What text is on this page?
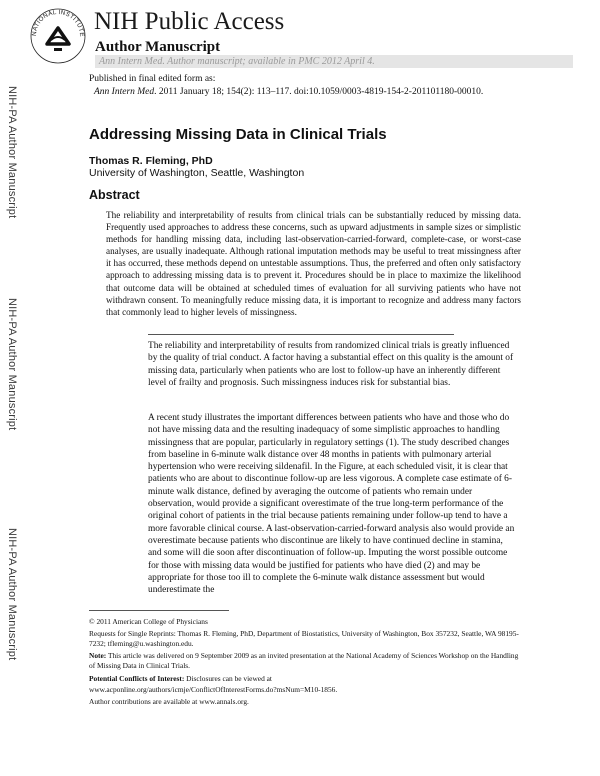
NATIONAL INSTITUTE NIH Public Access
Author Manuscript
Ann Intern Med. Author manuscript; available in PMC 2012 April 4.
Published in final edited form as:
Ann Intern Med. 2011 January 18; 154(2): 113–117. doi:10.1059/0003-4819-154-2-201101180-00010.
NIH-PA Author Manuscript
NIH-PA Author Manuscript
NIH-PA Author Manuscript
Addressing Missing Data in Clinical Trials
Thomas R. Fleming, PhD
University of Washington, Seattle, Washington
Abstract

The reliability and interpretability of results from clinical trials can be substantially reduced by missing data. Frequently used approaches to address these concerns, such as upward adjustments in sample sizes or simplistic methods for handling missing data, including last-observation-carried-forward, complete-case, or worst-case analyses, are usually inadequate. Although rational imputation methods may be useful to treat missingness after it has occurred, these methods depend on untestable assumptions. Thus, the preferred and often only satisfactory approach to addressing missing data is to prevent it. Procedures should be in place to maximize the likelihood that outcome data will be obtained at scheduled times of evaluation for all surviving patients who have not withdrawn consent. To meaningfully reduce missing data, it is important to recognize and address many factors that commonly lead to higher levels of missingness.

The reliability and interpretability of results from randomized clinical trials is greatly influenced by the quality of trial conduct. A factor having a substantial effect on this quality is the amount of missing data, particularly when patients who are lost to follow-up have an inherently different level of frailty and prognosis. Such missingness induces risk for substantial bias.

A recent study illustrates the important differences between patients who have and those who do not have missing data and the resulting inadequacy of some simplistic approaches to handling missingness that are popular, particularly in regulatory settings (1). The study described changes from baseline in 6-minute walk distance over 48 months in patients with pulmonary arterial hypertension who were receiving sildenafil. In the Figure, at each scheduled visit, it is clear that patients who are about to discontinue follow-up are less vigorous. A complete case estimate of 6-minute walk distance, defined by averaging the outcome of patients who remain under observation, would provide a significant overestimate of the true long-term performance of the original cohort of patients in the trial because patients remaining under follow-up tend to have a more favorable clinical course. A last-observation-carried-forward analysis also would provide an overestimate because patients who discontinue are likely to have continued decline in stamina, and some will die soon after discontinuation of follow-up. Imputing the worst possible outcome for those with missing data would be justified for patients who have died (2) and may be appropriate for those too ill to complete the 6-minute walk distance assessment but would underestimate the

© 2011 American College of Physicians

Requests for Single Reprints: Thomas R. Fleming, PhD, Department of Biostatistics, University of Washington, Box 357232, Seattle, WA 98195-7232; tfleming@u.washington.edu.

Note: This article was delivered on 9 September 2009 as an invited presentation at the National Academy of Sciences Workshop on the Handling of Missing Data in Clinical Trials.

Potential Conflicts of Interest: Disclosures can be viewed at

www.acponline.org/authors/icmje/ConflictOfInterestForms.do?msNum=M10-1856.

Author contributions are available at www.annals.org.
